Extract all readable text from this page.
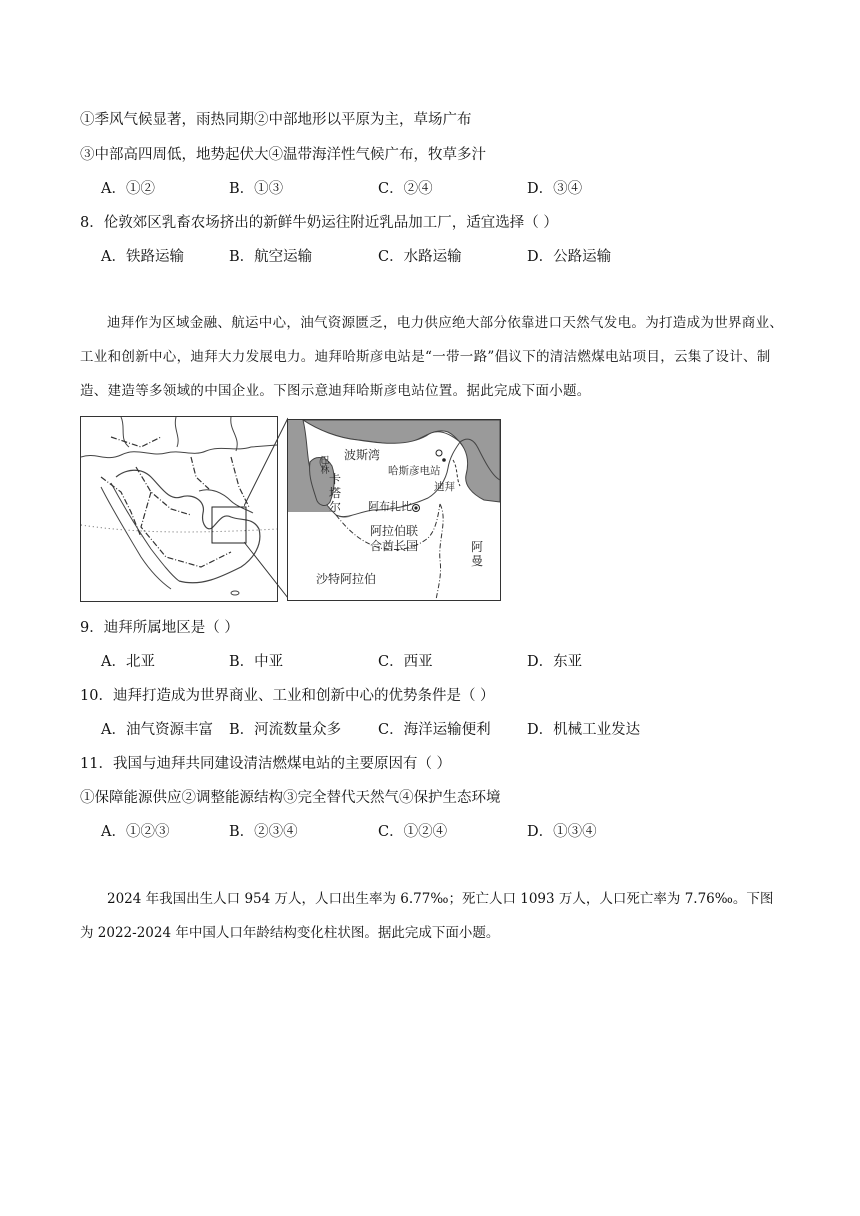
①季风气候显著，雨热同期②中部地形以平原为主，草场广布
③中部高四周低，地势起伏大④温带海洋性气候广布，牧草多汁
A．①②	B．①③	C．②④	D．③④
8．伦敦郊区乳畜农场挤出的新鲜牛奶运往附近乳品加工厂，适宜选择（ ）
A．铁路运输	B．航空运输	C．水路运输	D．公路运输
迪拜作为区域金融、航运中心，油气资源匮乏，电力供应绝大部分依靠进口天然气发电。为打造成为世界商业、工业和创新中心，迪拜大力发展电力。迪拜哈斯彦电站是“一带一路”倡议下的清洁燃煤电站项目，云集了设计、制造、建造等多领域的中国企业。下图示意迪拜哈斯彦电站位置。据此完成下面小题。
波斯湾
哈斯彦电站
迪拜
阿布扎比
阿拉伯联
合酋长国
沙特阿拉伯
卡塔尔
巴林
阿曼
9．迪拜所属地区是（ ）
A．北亚	B．中亚	C．西亚	D．东亚
10．迪拜打造成为世界商业、工业和创新中心的优势条件是（ ）
A．油气资源丰富 B．河流数量众多	C．海洋运输便利	D．机械工业发达
11．我国与迪拜共同建设清洁燃煤电站的主要原因有（ ）
①保障能源供应②调整能源结构③完全替代天然气④保护生态环境
A．①②③	B．②③④	C．①②④	D．①③④
2024 年我国出生人口 954 万人，人口出生率为 6.77‰；死亡人口 1093 万人，人口死亡率为 7.76‰。下图为 2022-2024 年中国人口年龄结构变化柱状图。据此完成下面小题。
